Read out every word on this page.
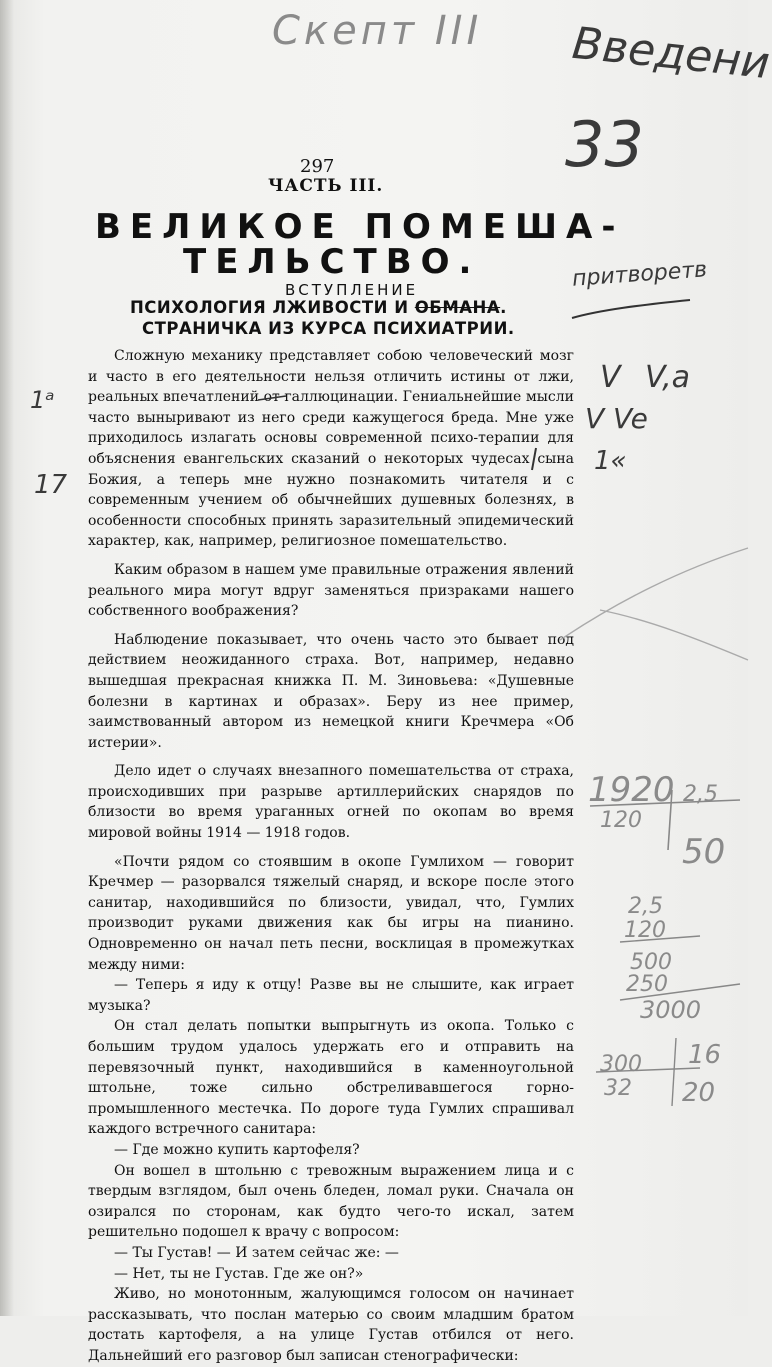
Скепт III Введени
33
297
ЧАСТЬ III.
ВЕЛИКОЕ ПОМЕША-
ТЕЛЬСТВО.
ВСТУПЛЕНИЕ
ПСИХОЛОГИЯ ЛЖИВОСТИ И ОБМАНА.
СТРАНИЧКА ИЗ КУРСА ПСИХИАТРИИ.
притворетв

Сложную механику представляет собою человеческий мозг и часто в его деятельности нельзя отличить истины от лжи, реальных впечатлений от галлюцинации. Гениальнейшие мысли часто выныривают из него среди кажущегося бреда. Мне уже приходилось излагать основы современной психо-терапии для объяснения евангельских сказаний о некоторых чудесах сына Божия, а теперь мне нужно познакомить читателя и с современным учением об обычнейших душевных болезнях, в особенности способных принять заразительный эпидемический характер, как, например, религиозное помешательство.

Каким образом в нашем уме правильные отражения явлений реального мира могут вдруг заменяться призраками нашего собственного воображения?

Наблюдение показывает, что очень часто это бывает под действием неожиданного страха. Вот, например, недавно вышедшая прекрасная книжка П. М. Зиновьева: «Душевные болезни в картинах и образах». Беру из нее пример, заимствованный автором из немецкой книги Кречмера «Об истерии».

Дело идет о случаях внезапного помешательства от страха, происходивших при разрыве артиллерийских снарядов по близости во время ураганных огней по окопам во время мировой войны 1914 — 1918 годов.

«Почти рядом со стоявшим в окопе Гумлихом — говорит Кречмер — разорвался тяжелый снаряд, и вскоре после этого санитар, находившийся по близости, увидал, что, Гумлих производит руками движения как бы игры на пианино. Одновременно он начал петь песни, восклицая в промежутках между ними:

— Теперь я иду к отцу! Разве вы не слышите, как играет музыка?

Он стал делать попытки выпрыгнуть из окопа. Только с большим трудом удалось удержать его и отправить на перевязочный пункт, находившийся в каменноугольной штольне, тоже сильно обстреливавшегося горно-промышленного местечка. По дороге туда Гумлих спрашивал каждого встречного санитара:

— Где можно купить картофеля?

Он вошел в штольню с тревожным выражением лица и с твердым взглядом, был очень бледен, ломал руки. Сначала он озирался по сторонам, как будто чего-то искал, затем решительно подошел к врачу с вопросом:

— Ты Густав! — И затем сейчас же: —

— Нет, ты не Густав. Где же он?»

Живо, но монотонным, жалующимся голосом он начинает рассказывать, что послан матерью со своим младшим братом достать картофеля, а на улице Густав отбился от него. Дальнейший его разговор был записан стенографически:

V V,a
V Ve
1«
1ᵃ
17
1920 2,5
120
50
2,5
120
500
250
3000
300
32
16
20
